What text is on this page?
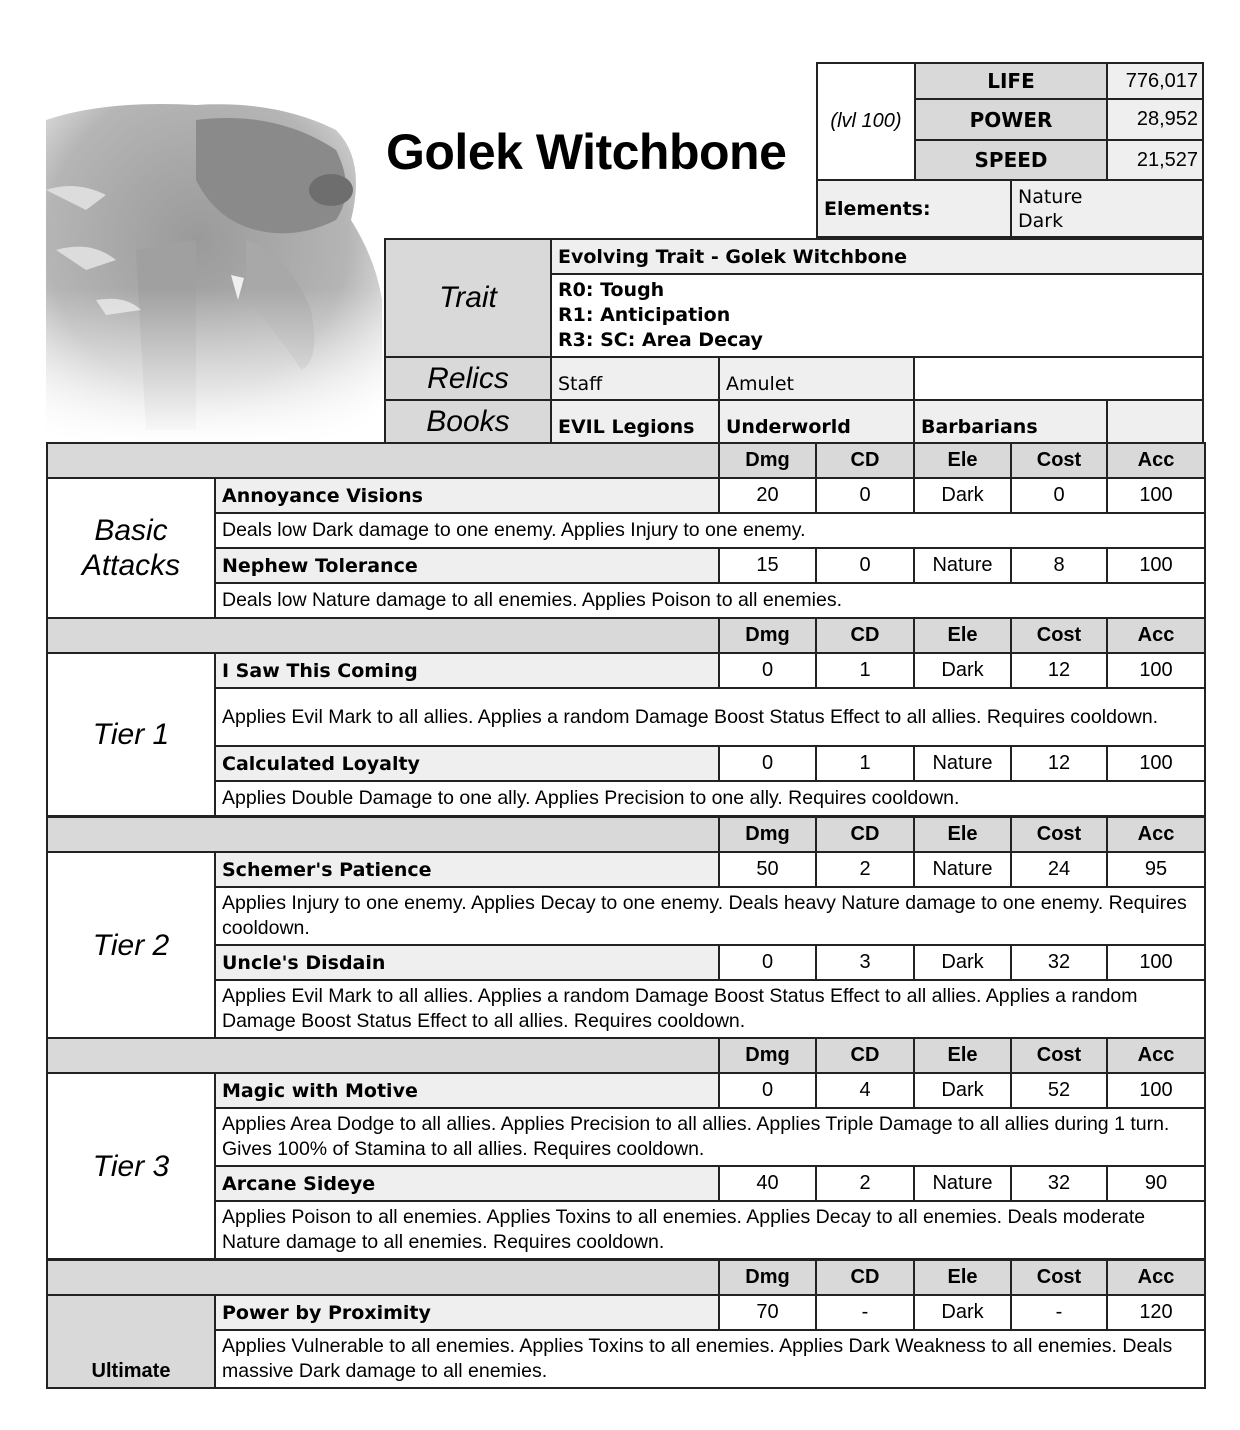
Golek Witchbone
(lvl 100)
LIFE	776,017
POWER	28,952
SPEED	21,527
Elements:
Nature
Dark
Trait
Evolving Trait - Golek Witchbone
R0: Tough
R1: Anticipation
R3: SC: Area Decay
Relics	Staff	Amulet
Books	EVIL Legions	Underworld	Barbarians
Dmg	CD	Ele	Cost	Acc
Basic
Attacks
Annoyance Visions	20	0	Dark	0	100
Deals low Dark damage to one enemy. Applies Injury to one enemy.
Nephew Tolerance	15	0	Nature	8	100
Deals low Nature damage to all enemies. Applies Poison to all enemies.
Dmg	CD	Ele	Cost	Acc
Tier 1
I Saw This Coming	0	1	Dark	12	100
Applies Evil Mark to all allies. Applies a random Damage Boost Status Effect to all allies. Requires cooldown.
Calculated Loyalty	0	1	Nature	12	100
Applies Double Damage to one ally. Applies Precision to one ally. Requires cooldown.
Dmg	CD	Ele	Cost	Acc
Tier 2
Schemer's Patience	50	2	Nature	24	95
Applies Injury to one enemy. Applies Decay to one enemy. Deals heavy Nature damage to one enemy. Requires cooldown.
Uncle's Disdain	0	3	Dark	32	100
Applies Evil Mark to all allies. Applies a random Damage Boost Status Effect to all allies. Applies a random Damage Boost Status Effect to all allies. Requires cooldown.
Dmg	CD	Ele	Cost	Acc
Tier 3
Magic with Motive	0	4	Dark	52	100
Applies Area Dodge to all allies. Applies Precision to all allies. Applies Triple Damage to all allies during 1 turn. Gives 100% of Stamina to all allies. Requires cooldown.
Arcane Sideye	40	2	Nature	32	90
Applies Poison to all enemies. Applies Toxins to all enemies. Applies Decay to all enemies. Deals moderate Nature damage to all enemies. Requires cooldown.
Dmg	CD	Ele	Cost	Acc
Ultimate
Power by Proximity	70	-	Dark	-	120
Applies Vulnerable to all enemies. Applies Toxins to all enemies. Applies Dark Weakness to all enemies. Deals massive Dark damage to all enemies.
